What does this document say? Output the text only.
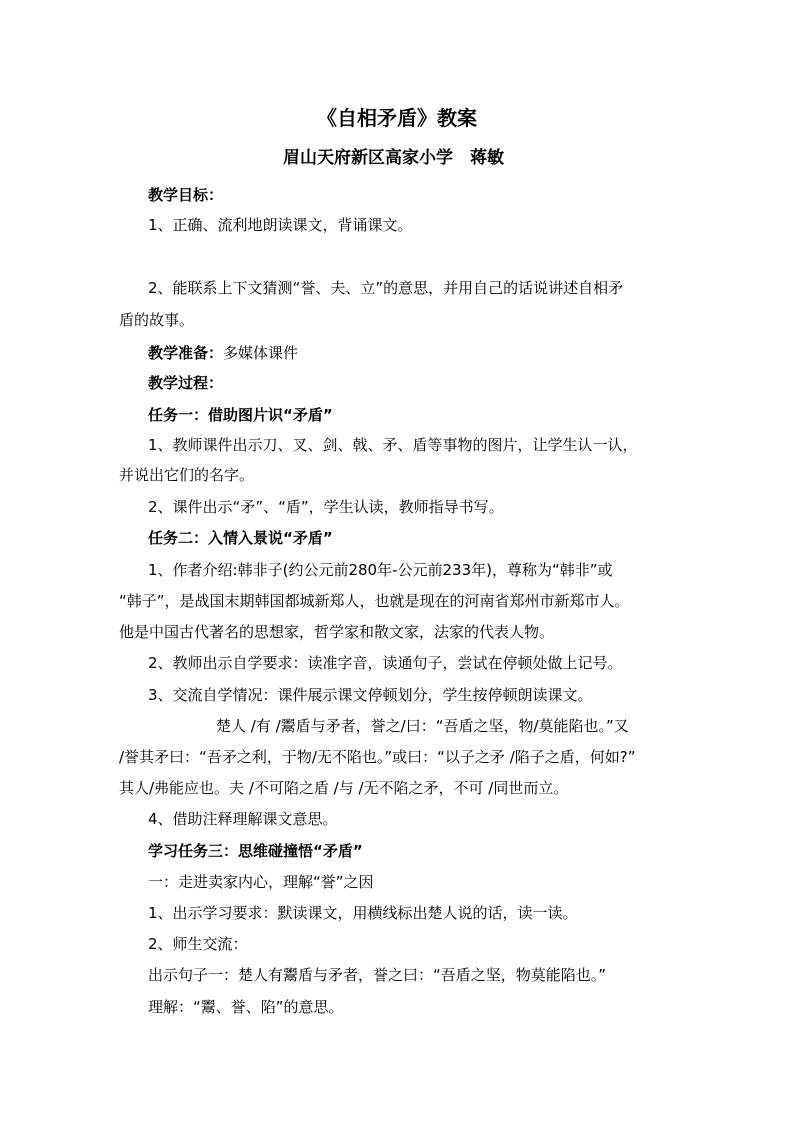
《自相矛盾》教案
眉山天府新区高家小学　蒋敏

教学目标：

1、正确、流利地朗读课文，背诵课文。

2、能联系上下文猜测“誉、夫、立”的意思，并用自己的话说讲述自相矛

盾的故事。

教学准备：多媒体课件

教学过程：

任务一：借助图片识“矛盾”

1、教师课件出示刀、叉、剑、戟、矛、盾等事物的图片，让学生认一认，

并说出它们的名字。

2、课件出示“矛”、“盾”，学生认读，教师指导书写。

任务二：入情入景说“矛盾”

1、作者介绍:韩非子(约公元前280年-公元前233年)，尊称为“韩非”或

“韩子”，是战国末期韩国都城新郑人，也就是现在的河南省郑州市新郑市人。

他是中国古代著名的思想家，哲学家和散文家，法家的代表人物。

2、教师出示自学要求：读准字音，读通句子，尝试在停顿处做上记号。

3、交流自学情况：课件展示课文停顿划分，学生按停顿朗读课文。

楚人 /有 /鬻盾与矛者，誉之/曰：“吾盾之坚，物/莫能陷也。”又

/誉其矛曰：“吾矛之利，于物/无不陷也。”或曰：“以子之矛 /陷子之盾，何如?”

其人/弗能应也。夫 /不可陷之盾 /与 /无不陷之矛，不可 /同世而立。

4、借助注释理解课文意思。

学习任务三：思维碰撞悟“矛盾”

一：走进卖家内心，理解“誉”之因

1、出示学习要求：默读课文，用横线标出楚人说的话，读一读。

2、师生交流：

出示句子一：楚人有鬻盾与矛者，誉之曰：“吾盾之坚，物莫能陷也。”

理解：“鬻、誉、陷”的意思。
